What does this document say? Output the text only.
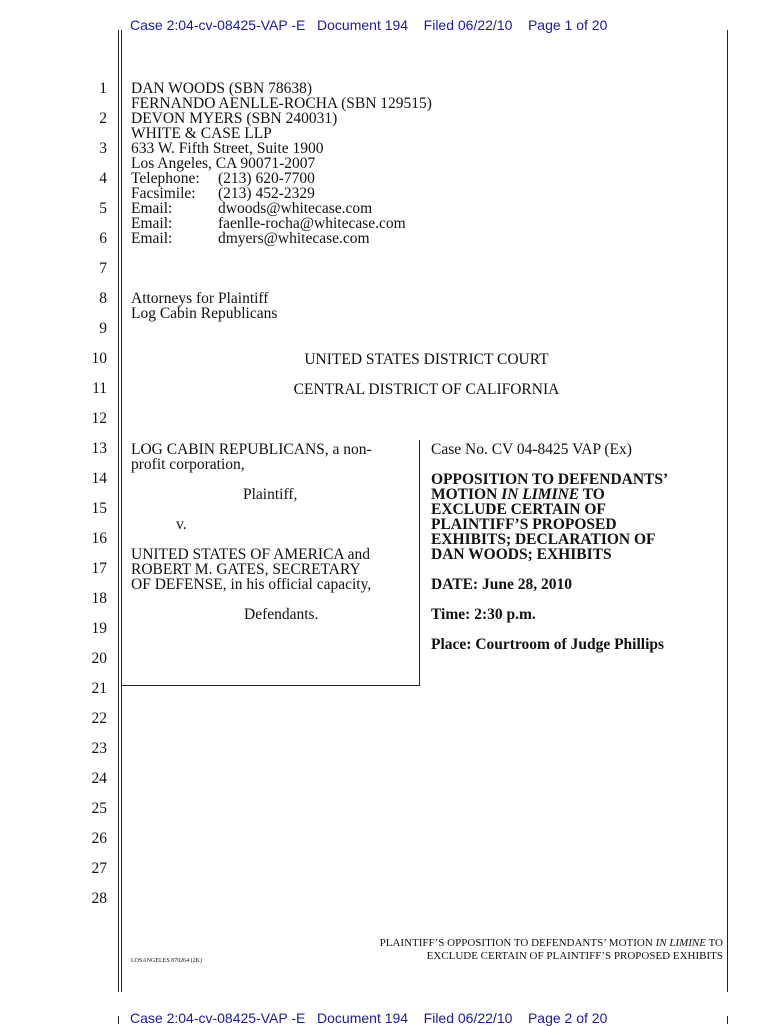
Case 2:04-cv-08425-VAP -E Document 194 Filed 06/22/10 Page 1 of 20
1
2
3
4
5
6
7
8
9
10
11
12
13
14
15
16
17
18
19
20
21
22
23
24
25
26
27
28
DAN WOODS (SBN 78638)
FERNANDO AENLLE-ROCHA (SBN 129515)
DEVON MYERS (SBN 240031)
WHITE & CASE LLP
633 W. Fifth Street, Suite 1900
Los Angeles, CA 90071-2007
Telephone: (213) 620-7700
Facsimile: (213) 452-2329
Email:	dwoods@whitecase.com
Email:	faenlle-rocha@whitecase.com
Email:	dmyers@whitecase.com
Attorneys for Plaintiff
Log Cabin Republicans
UNITED STATES DISTRICT COURT
CENTRAL DISTRICT OF CALIFORNIA
LOG CABIN REPUBLICANS, a non-
profit corporation,
Plaintiff,
v.
UNITED STATES OF AMERICA and
ROBERT M. GATES, SECRETARY
OF DEFENSE, in his official capacity,
Defendants.
Case No. CV 04-8425 VAP (Ex)
OPPOSITION TO DEFENDANTS’
MOTION IN LIMINE TO
EXCLUDE CERTAIN OF
PLAINTIFF’S PROPOSED
EXHIBITS; DECLARATION OF
DAN WOODS; EXHIBITS
DATE: June 28, 2010
Time: 2:30 p.m.
Place: Courtroom of Judge Phillips
LOSANGELES 870264 (2K)
PLAINTIFF’S OPPOSITION TO DEFENDANTS’ MOTION IN LIMINE TO
EXCLUDE CERTAIN OF PLAINTIFF’S PROPOSED EXHIBITS
Case 2:04-cv-08425-VAP -E Document 194 Filed 06/22/10 Page 2 of 20
